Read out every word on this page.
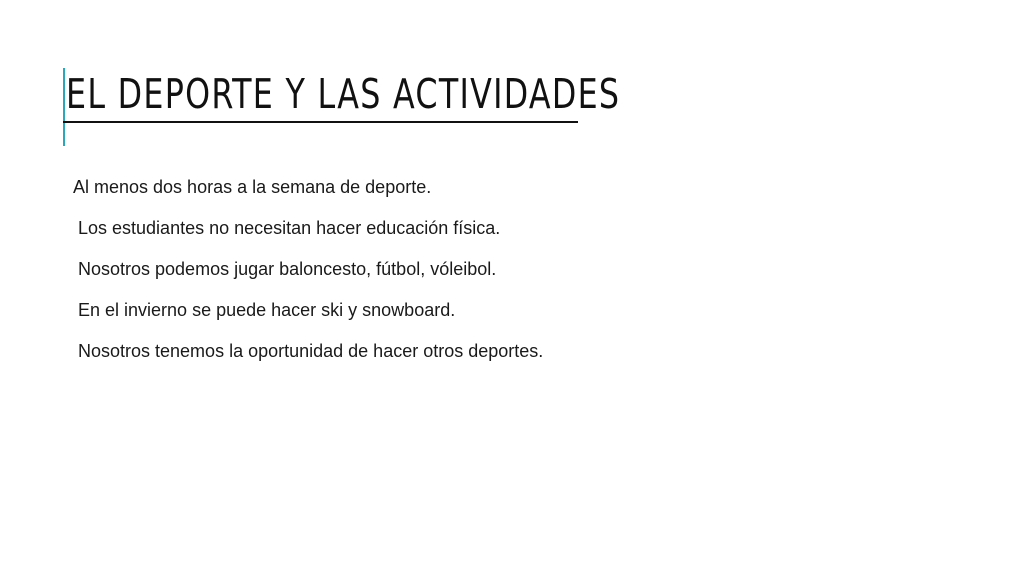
EL DEPORTE Y LAS ACTIVIDADES
Al menos dos horas a la semana de deporte.
Los estudiantes no necesitan hacer educación física.
Nosotros podemos jugar baloncesto, fútbol, vóleibol.
En el invierno se puede hacer ski y snowboard.
Nosotros tenemos la oportunidad de hacer otros deportes.
